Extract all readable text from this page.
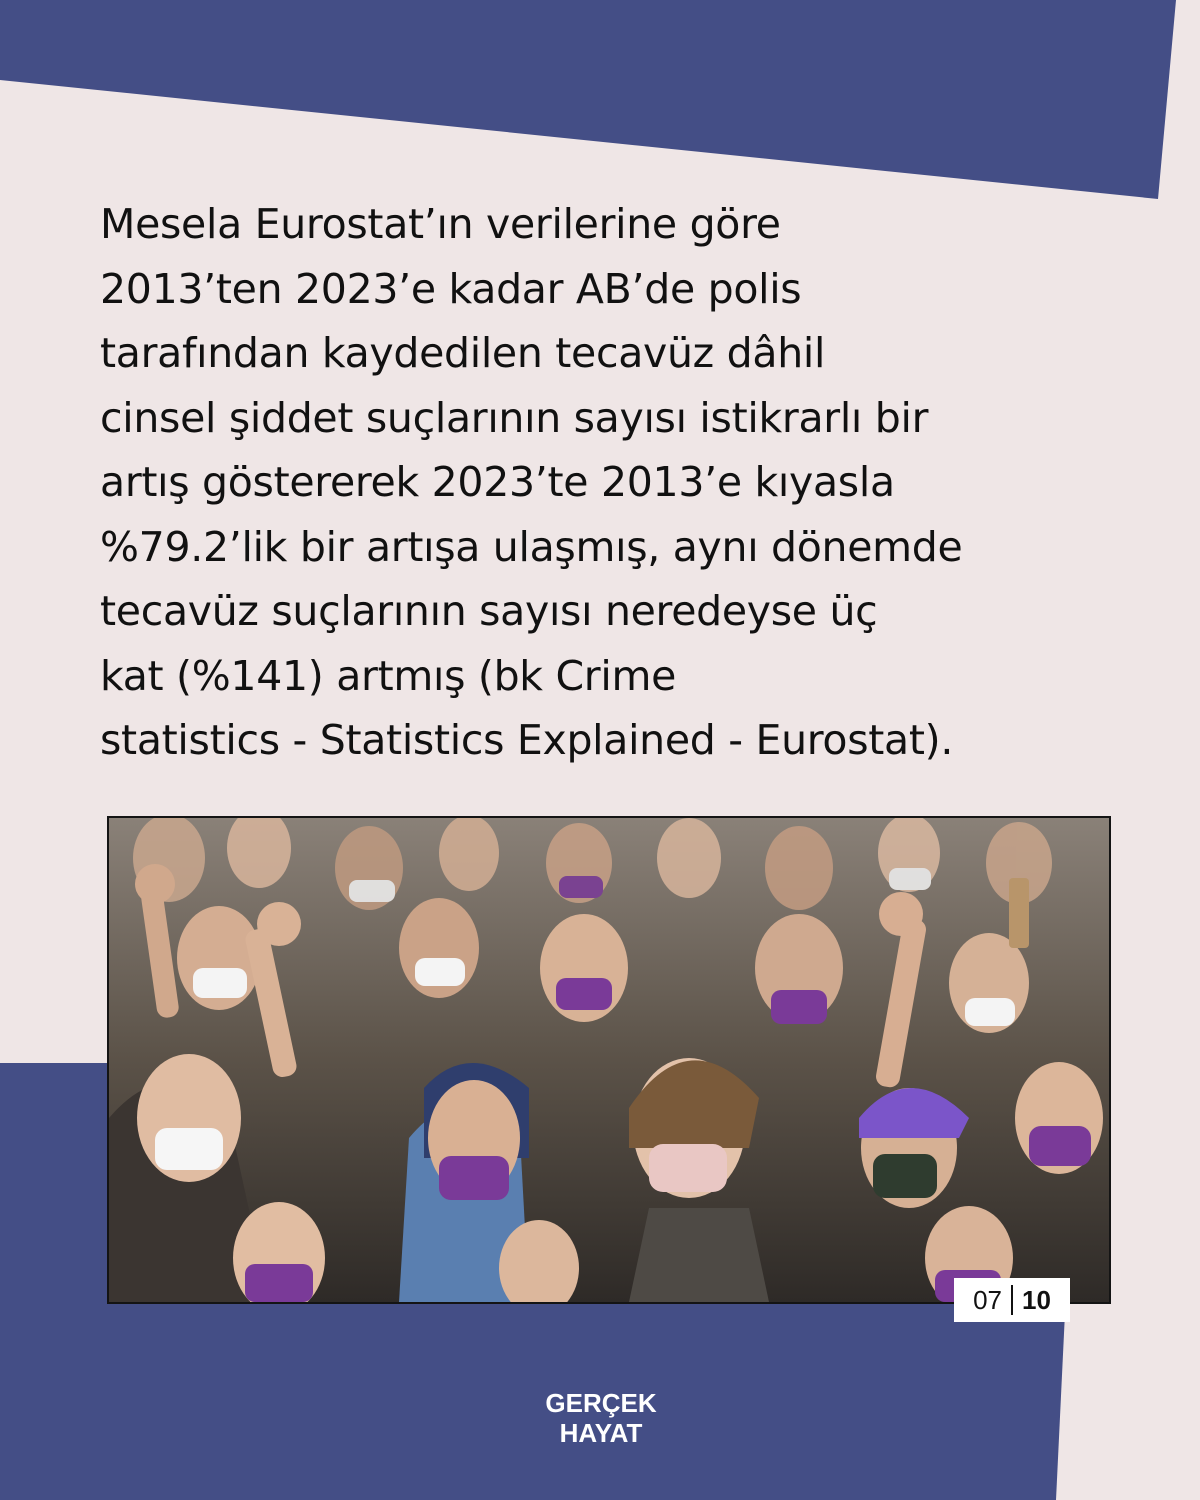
Mesela Eurostat’ın verilerine göre
2013’ten 2023’e kadar AB’de polis
tarafından kaydedilen tecavüz dâhil
cinsel şiddet suçlarının sayısı istikrarlı bir
artış göstererek 2023’te 2013’e kıyasla
%79.2’lik bir artışa ulaşmış, aynı dönemde
tecavüz suçlarının sayısı neredeyse üç
kat (%141) artmış (bk Crime
statistics - Statistics Explained - Eurostat).
07 10
GERÇEK
HAYAT
